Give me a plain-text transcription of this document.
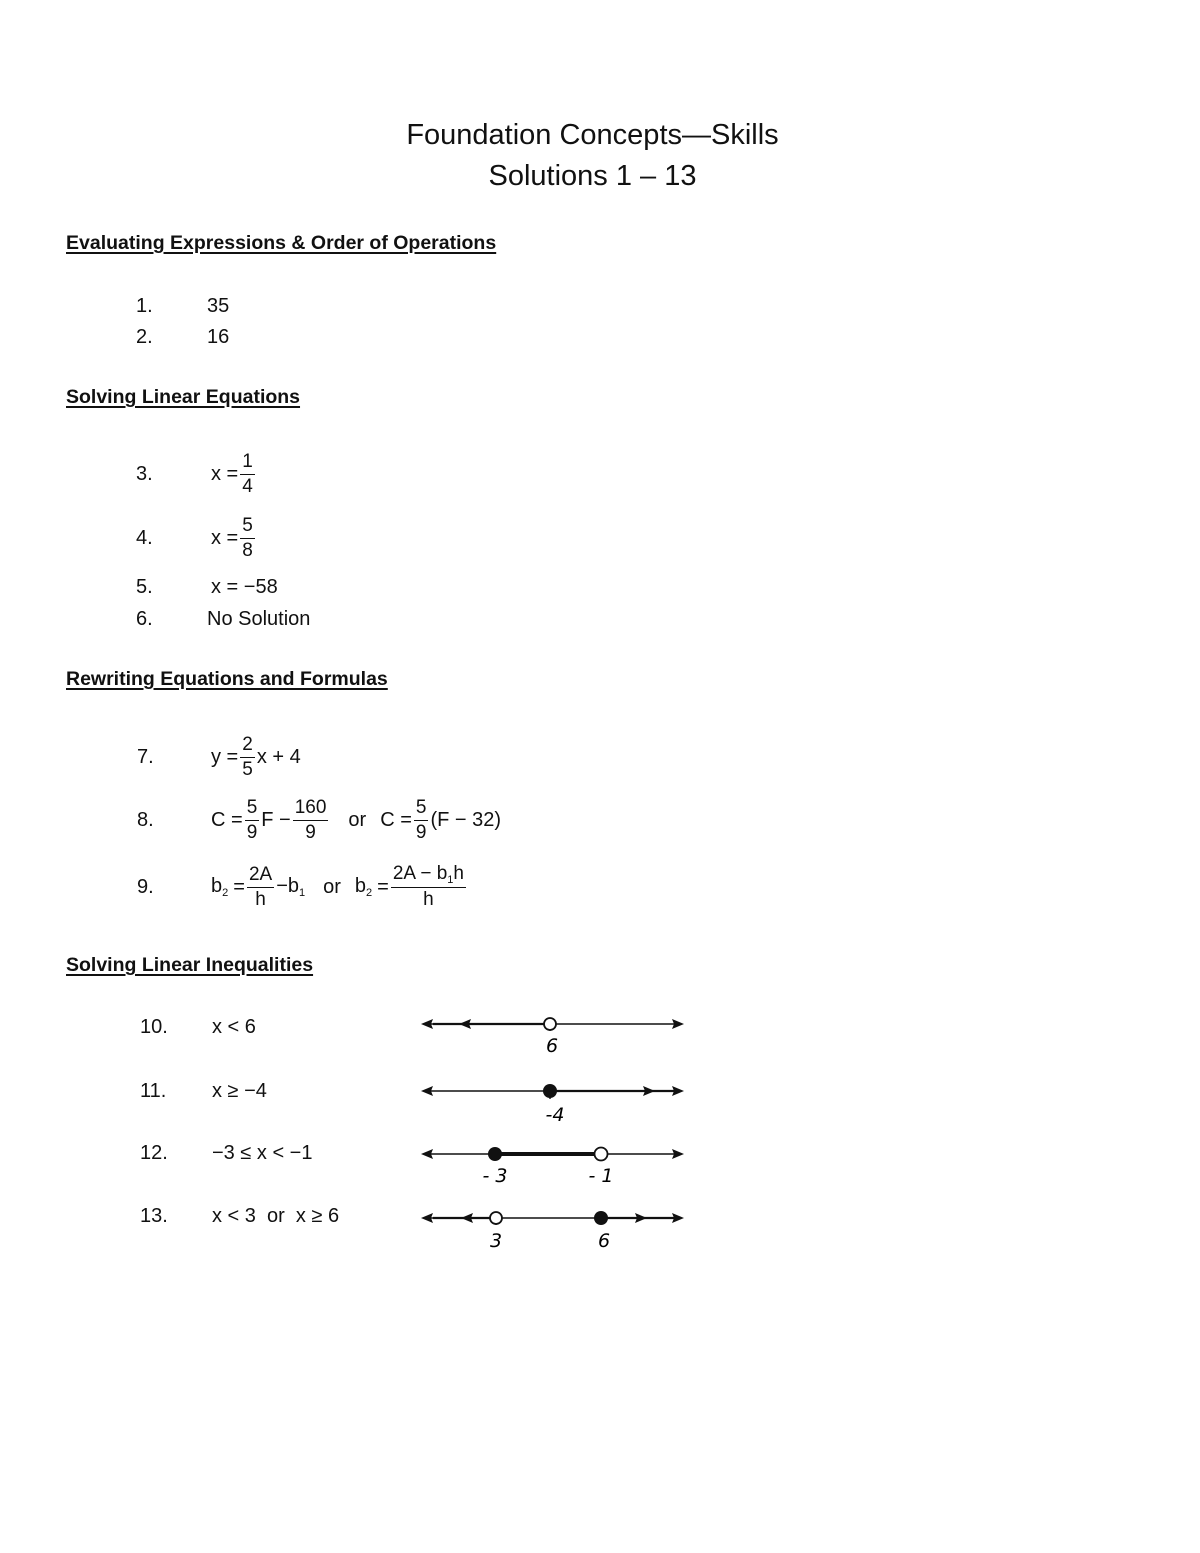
Foundation Concepts—Skills
Solutions 1 – 13
Evaluating Expressions & Order of Operations
1.	35
2.	16
Solving Linear Equations
3.	$x = \frac{1}{4}$
4.	$x = \frac{5}{8}$
5.	x = −58
6.	No Solution
Rewriting Equations and Formulas
7.	$y = \frac{2}{5}$ x + 4
8.	$C = \frac{5}{9}$ $F - \frac{160}{9}$ or $C = \frac{5}{9} (F - 32)$
9.	$b_2 = \frac{2A}{h} -b_1$ or $b_2 = \frac{2A - b_1h}{h}$
Solving Linear Inequalities
10. x < 6
6
11. x ≥ −4
-4
12. −3 ≤ x < −1
- 3	- 1
13. x < 3  or  x ≥ 6
3	6
